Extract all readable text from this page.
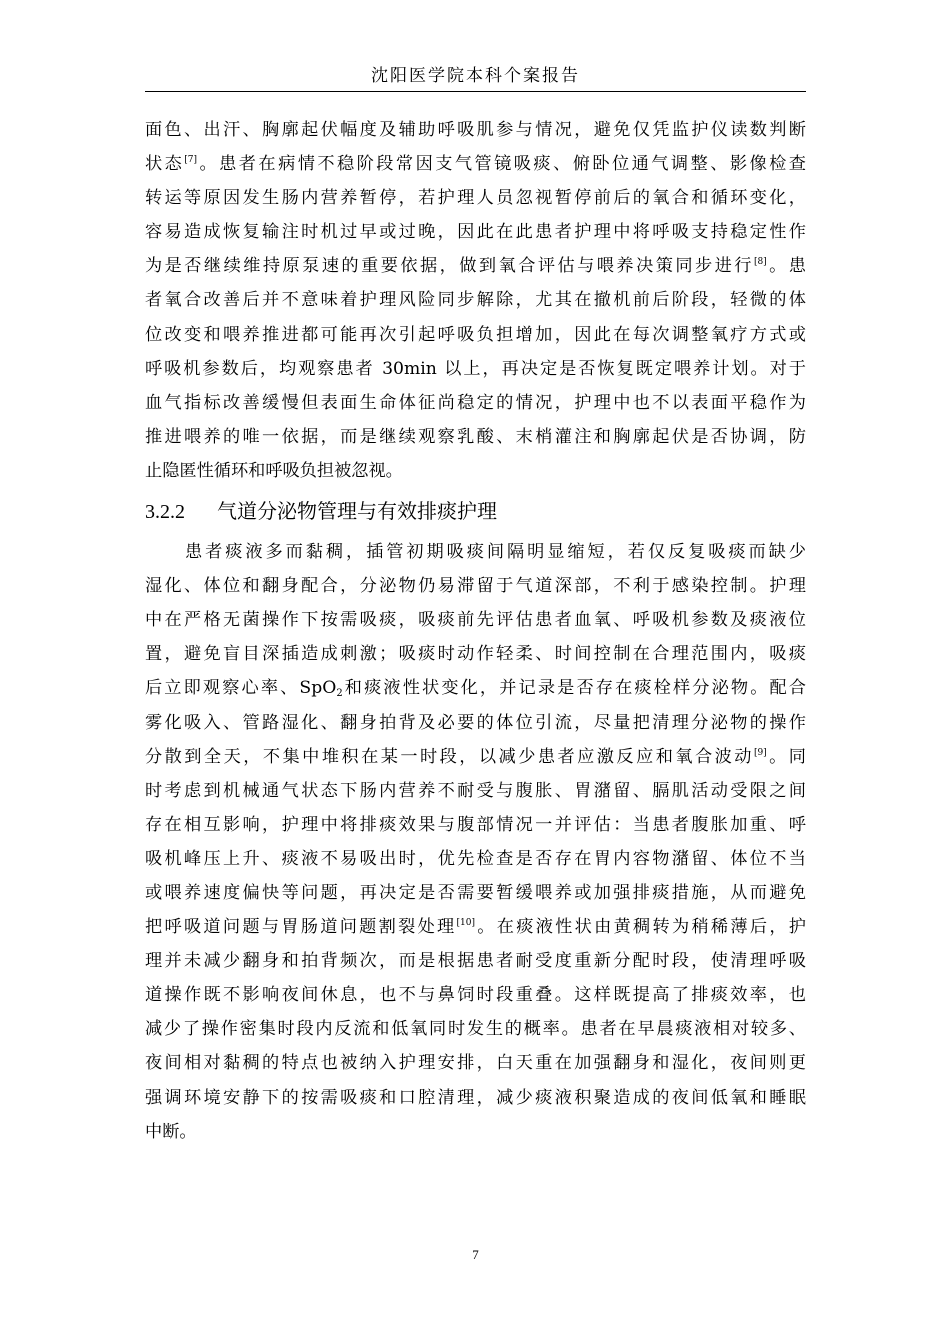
沈阳医学院本科个案报告
面色、出汗、胸廓起伏幅度及辅助呼吸肌参与情况，避免仅凭监护仪读数判断
状态[7]。患者在病情不稳阶段常因支气管镜吸痰、俯卧位通气调整、影像检查
转运等原因发生肠内营养暂停，若护理人员忽视暂停前后的氧合和循环变化，
容易造成恢复输注时机过早或过晚，因此在此患者护理中将呼吸支持稳定性作
为是否继续维持原泵速的重要依据，做到氧合评估与喂养决策同步进行[8]。患
者氧合改善后并不意味着护理风险同步解除，尤其在撤机前后阶段，轻微的体
位改变和喂养推进都可能再次引起呼吸负担增加，因此在每次调整氧疗方式或
呼吸机参数后，均观察患者 30min 以上，再决定是否恢复既定喂养计划。对于
血气指标改善缓慢但表面生命体征尚稳定的情况，护理中也不以表面平稳作为
推进喂养的唯一依据，而是继续观察乳酸、末梢灌注和胸廓起伏是否协调，防
止隐匿性循环和呼吸负担被忽视。
3.2.2 气道分泌物管理与有效排痰护理
患者痰液多而黏稠，插管初期吸痰间隔明显缩短，若仅反复吸痰而缺少
湿化、体位和翻身配合，分泌物仍易滞留于气道深部，不利于感染控制。护理
中在严格无菌操作下按需吸痰，吸痰前先评估患者血氧、呼吸机参数及痰液位
置，避免盲目深插造成刺激；吸痰时动作轻柔、时间控制在合理范围内，吸痰
后立即观察心率、SpO$_2$和痰液性状变化，并记录是否存在痰栓样分泌物。配合
雾化吸入、管路湿化、翻身拍背及必要的体位引流，尽量把清理分泌物的操作
分散到全天，不集中堆积在某一时段，以减少患者应激反应和氧合波动[9]。同
时考虑到机械通气状态下肠内营养不耐受与腹胀、胃潴留、膈肌活动受限之间
存在相互影响，护理中将排痰效果与腹部情况一并评估：当患者腹胀加重、呼
吸机峰压上升、痰液不易吸出时，优先检查是否存在胃内容物潴留、体位不当
或喂养速度偏快等问题，再决定是否需要暂缓喂养或加强排痰措施，从而避免
把呼吸道问题与胃肠道问题割裂处理[10]。在痰液性状由黄稠转为稍稀薄后，护
理并未减少翻身和拍背频次，而是根据患者耐受度重新分配时段，使清理呼吸
道操作既不影响夜间休息，也不与鼻饲时段重叠。这样既提高了排痰效率，也
减少了操作密集时段内反流和低氧同时发生的概率。患者在早晨痰液相对较多、
夜间相对黏稠的特点也被纳入护理安排，白天重在加强翻身和湿化，夜间则更
强调环境安静下的按需吸痰和口腔清理，减少痰液积聚造成的夜间低氧和睡眠
中断。
7
